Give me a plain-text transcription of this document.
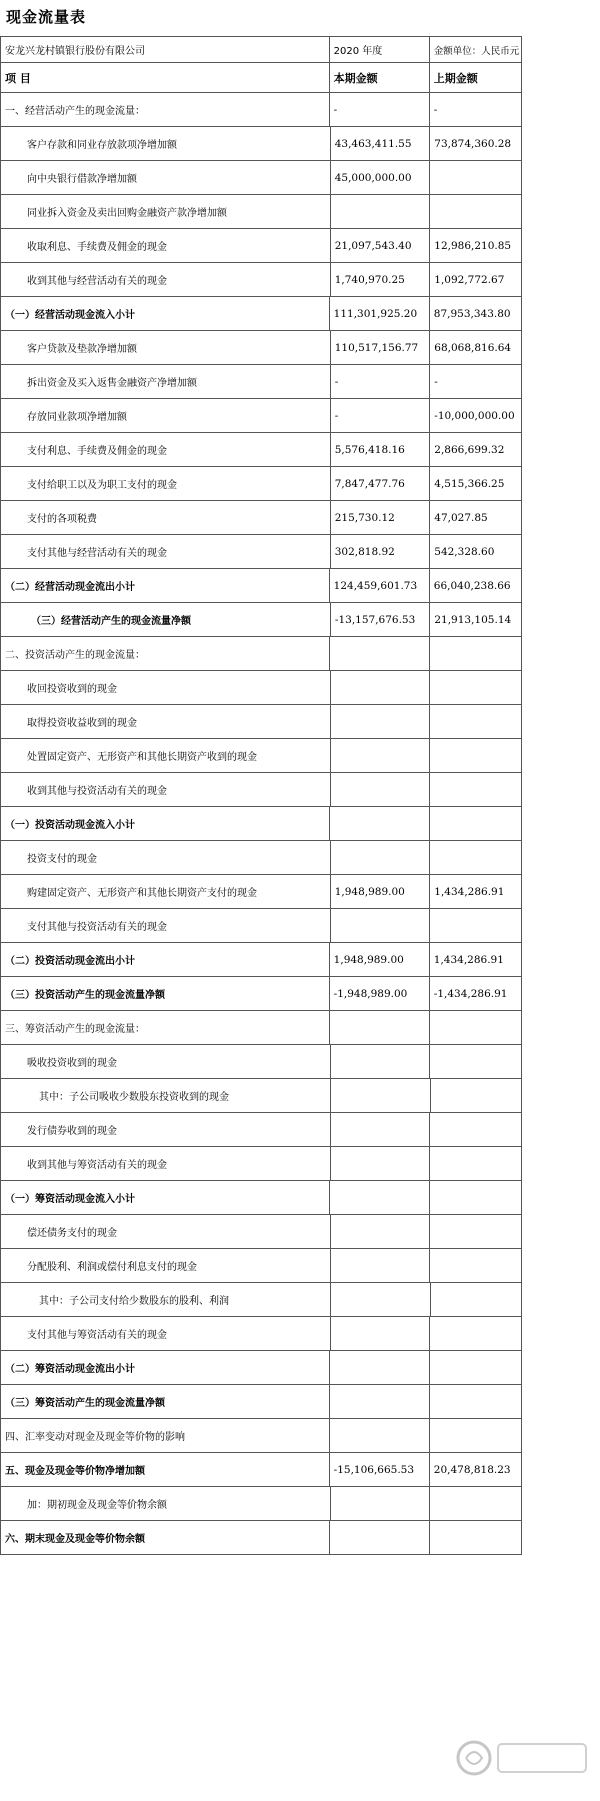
现金流量表
安龙兴龙村镇银行股份有限公司	2020 年度	金额单位：人民币元
项 目	本期金额	上期金额
一、经营活动产生的现金流量：	-	-
客户存款和同业存放款项净增加额	43,463,411.55	73,874,360.28
向中央银行借款净增加额	45,000,000.00
同业拆入资金及卖出回购金融资产款净增加额
收取利息、手续费及佣金的现金	21,097,543.40	12,986,210.85
收到其他与经营活动有关的现金	1,740,970.25	1,092,772.67
（一）经营活动现金流入小计	111,301,925.20	87,953,343.80
客户贷款及垫款净增加额	110,517,156.77	68,068,816.64
拆出资金及买入返售金融资产净增加额	-	-
存放同业款项净增加额	-	-10,000,000.00
支付利息、手续费及佣金的现金	5,576,418.16	2,866,699.32
支付给职工以及为职工支付的现金	7,847,477.76	4,515,366.25
支付的各项税费	215,730.12	47,027.85
支付其他与经营活动有关的现金	302,818.92	542,328.60
（二）经营活动现金流出小计	124,459,601.73	66,040,238.66
（三）经营活动产生的现金流量净额	-13,157,676.53	21,913,105.14
二、投资活动产生的现金流量：
收回投资收到的现金
取得投资收益收到的现金
处置固定资产、无形资产和其他长期资产收到的现金
收到其他与投资活动有关的现金
（一）投资活动现金流入小计
投资支付的现金
购建固定资产、无形资产和其他长期资产支付的现金	1,948,989.00	1,434,286.91
支付其他与投资活动有关的现金
（二）投资活动现金流出小计	1,948,989.00	1,434,286.91
（三）投资活动产生的现金流量净额	-1,948,989.00	-1,434,286.91
三、筹资活动产生的现金流量：
吸收投资收到的现金
其中：子公司吸收少数股东投资收到的现金
发行债券收到的现金
收到其他与筹资活动有关的现金
（一）筹资活动现金流入小计
偿还债务支付的现金
分配股利、利润或偿付利息支付的现金
其中：子公司支付给少数股东的股利、利润
支付其他与筹资活动有关的现金
（二）筹资活动现金流出小计
（三）筹资活动产生的现金流量净额
四、汇率变动对现金及现金等价物的影响
五、现金及现金等价物净增加额	-15,106,665.53	20,478,818.23
加：期初现金及现金等价物余额
六、期末现金及现金等价物余额
